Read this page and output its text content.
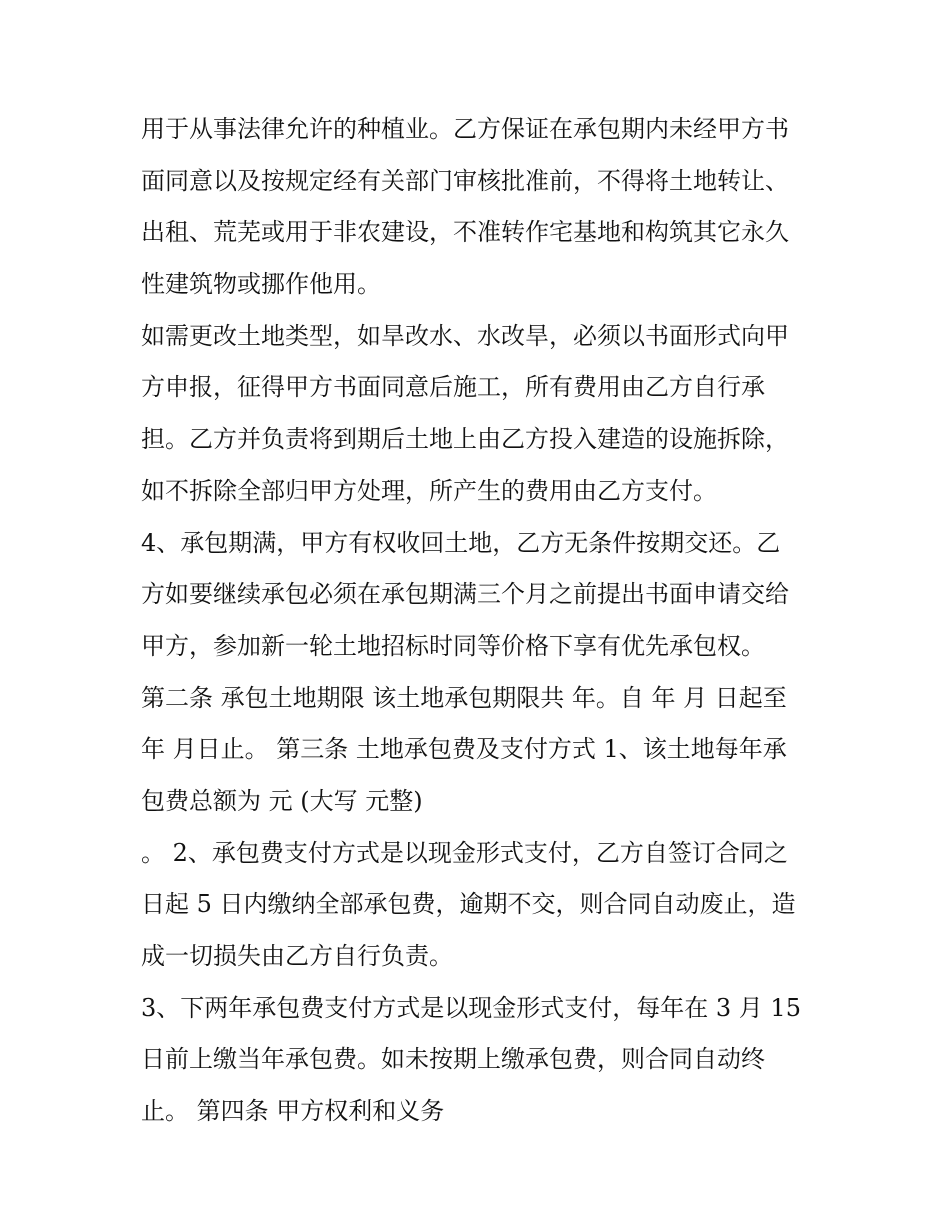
用于从事法律允许的种植业。乙方保证在承包期内未经甲方书
面同意以及按规定经有关部门审核批准前，不得将土地转让、
出租、荒芜或用于非农建设，不准转作宅基地和构筑其它永久
性建筑物或挪作他用。
如需更改土地类型，如旱改水、水改旱，必须以书面形式向甲
方申报，征得甲方书面同意后施工，所有费用由乙方自行承
担。乙方并负责将到期后土地上由乙方投入建造的设施拆除，
如不拆除全部归甲方处理，所产生的费用由乙方支付。
4、承包期满，甲方有权收回土地，乙方无条件按期交还。乙
方如要继续承包必须在承包期满三个月之前提出书面申请交给
甲方，参加新一轮土地招标时同等价格下享有优先承包权。
第二条 承包土地期限 该土地承包期限共 年。自 年 月 日起至
年 月日止。 第三条 土地承包费及支付方式 1、该土地每年承
包费总额为 元 (大写 元整)
。 2、承包费支付方式是以现金形式支付，乙方自签订合同之
日起 5 日内缴纳全部承包费，逾期不交，则合同自动废止，造
成一切损失由乙方自行负责。
3、下两年承包费支付方式是以现金形式支付，每年在 3 月 15
日前上缴当年承包费。如未按期上缴承包费，则合同自动终
止。 第四条 甲方权利和义务
